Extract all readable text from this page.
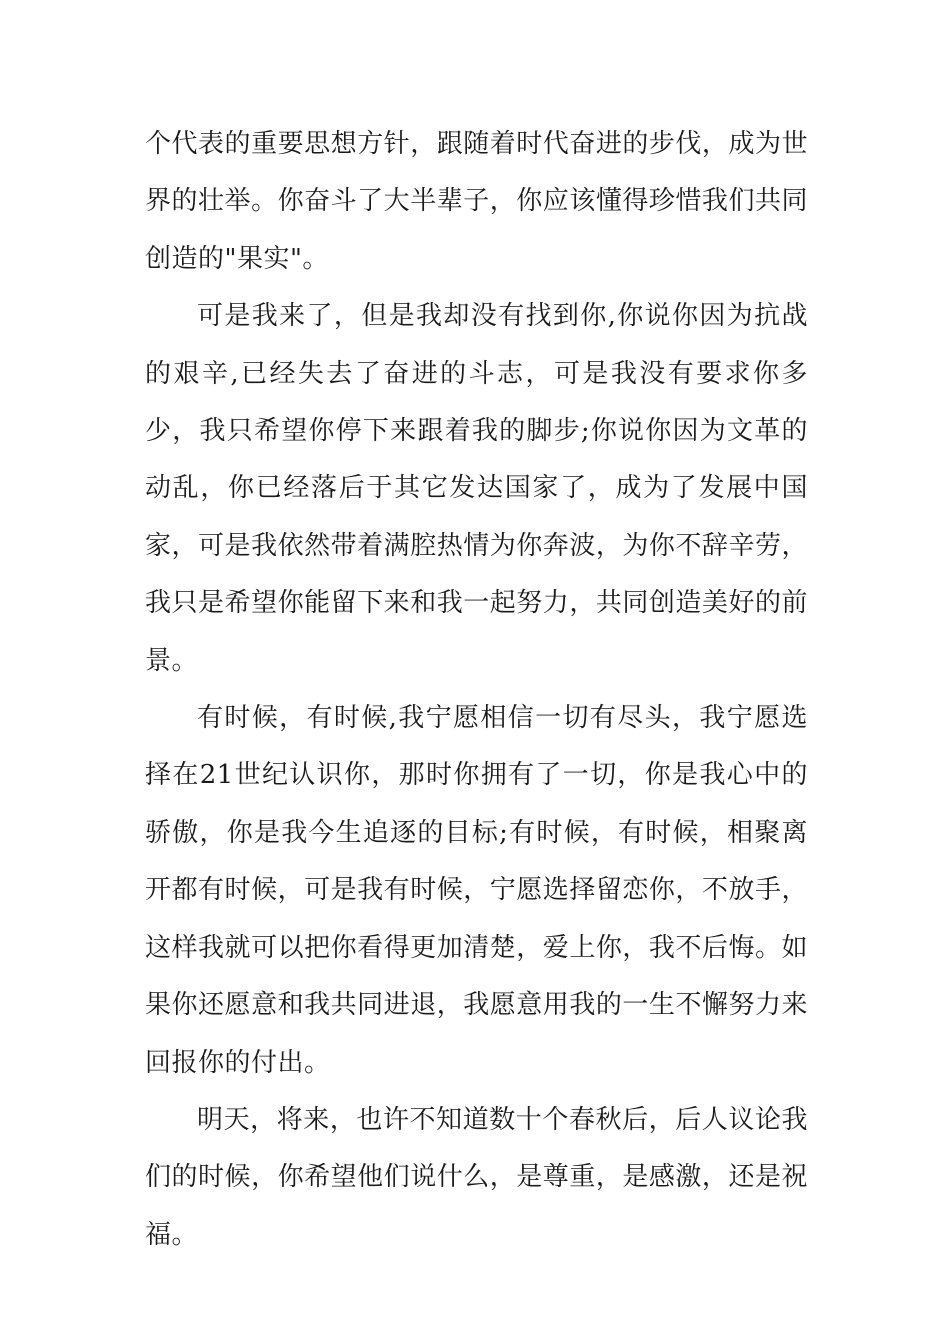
个代表的重要思想方针，跟随着时代奋进的步伐，成为世界的壮举。你奋斗了大半辈子，你应该懂得珍惜我们共同创造的"果实"。

可是我来了，但是我却没有找到你,你说你因为抗战的艰辛,已经失去了奋进的斗志，可是我没有要求你多少，我只希望你停下来跟着我的脚步;你说你因为文革的动乱，你已经落后于其它发达国家了，成为了发展中国家，可是我依然带着满腔热情为你奔波，为你不辞辛劳，我只是希望你能留下来和我一起努力，共同创造美好的前景。

有时候，有时候,我宁愿相信一切有尽头，我宁愿选择在21世纪认识你，那时你拥有了一切，你是我心中的骄傲，你是我今生追逐的目标;有时候，有时候，相聚离开都有时候，可是我有时候，宁愿选择留恋你，不放手，这样我就可以把你看得更加清楚，爱上你，我不后悔。如果你还愿意和我共同进退，我愿意用我的一生不懈努力来回报你的付出。

明天，将来，也许不知道数十个春秋后，后人议论我们的时候，你希望他们说什么，是尊重，是感激，还是祝福。
